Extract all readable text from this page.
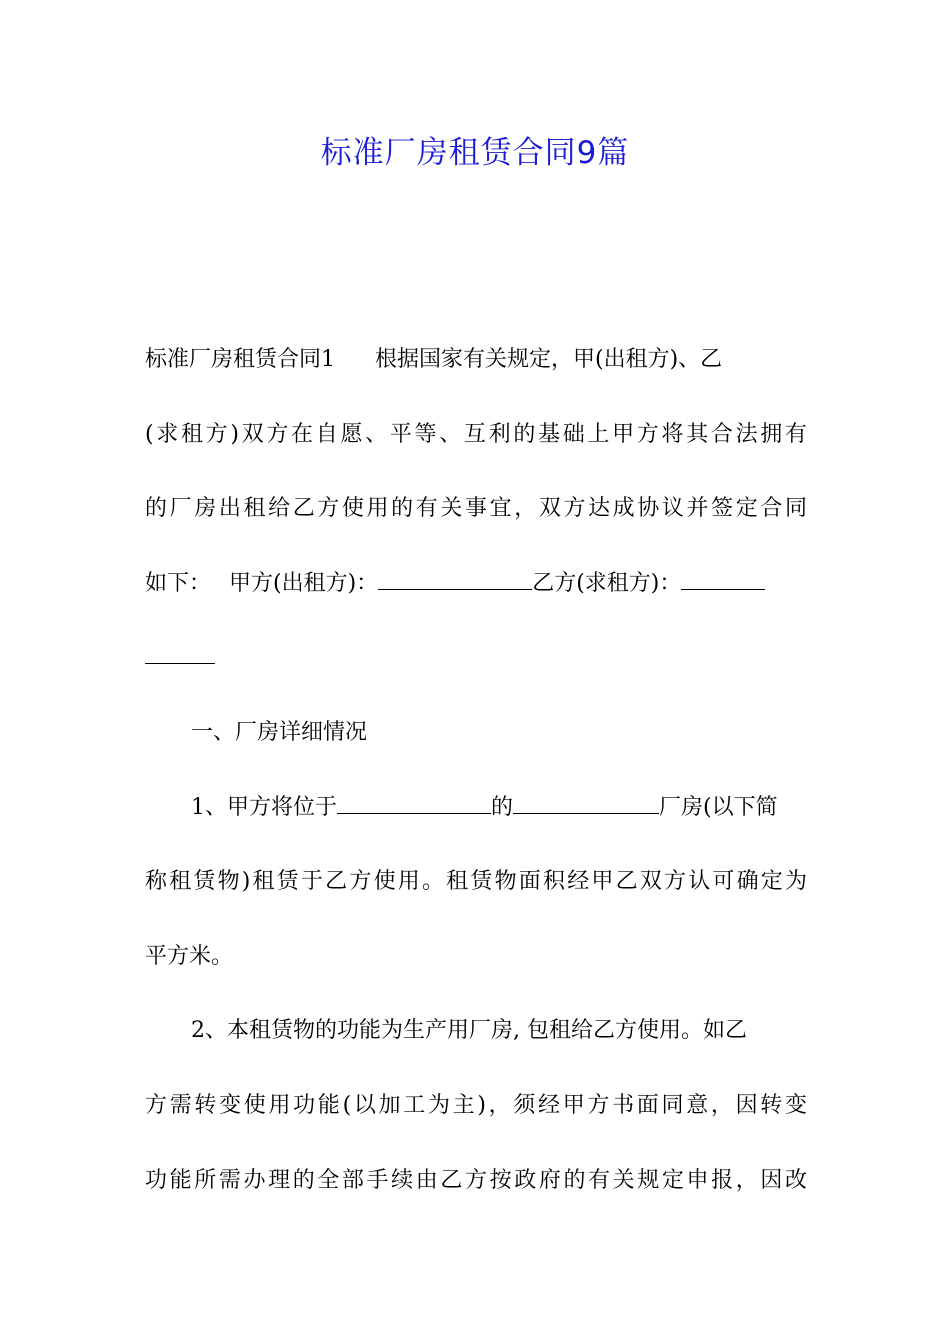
标准厂房租赁合同9篇
标准厂房租赁合同1 根据国家有关规定，甲(出租方)、乙
(求租方)双方在自愿、平等、互利的基础上甲方将其合法拥有
的厂房出租给乙方使用的有关事宜，双方达成协议并签定合同
如下： 甲方(出租方)：	乙方(求租方)：
一、厂房详细情况
1、甲方将位于	的	厂房(以下简
称租赁物)租赁于乙方使用。租赁物面积经甲乙双方认可确定为
平方米。
2、本租赁物的功能为生产用厂房, 包租给乙方使用。如乙
方需转变使用功能(以加工为主)，须经甲方书面同意，因转变
功能所需办理的全部手续由乙方按政府的有关规定申报，因改
